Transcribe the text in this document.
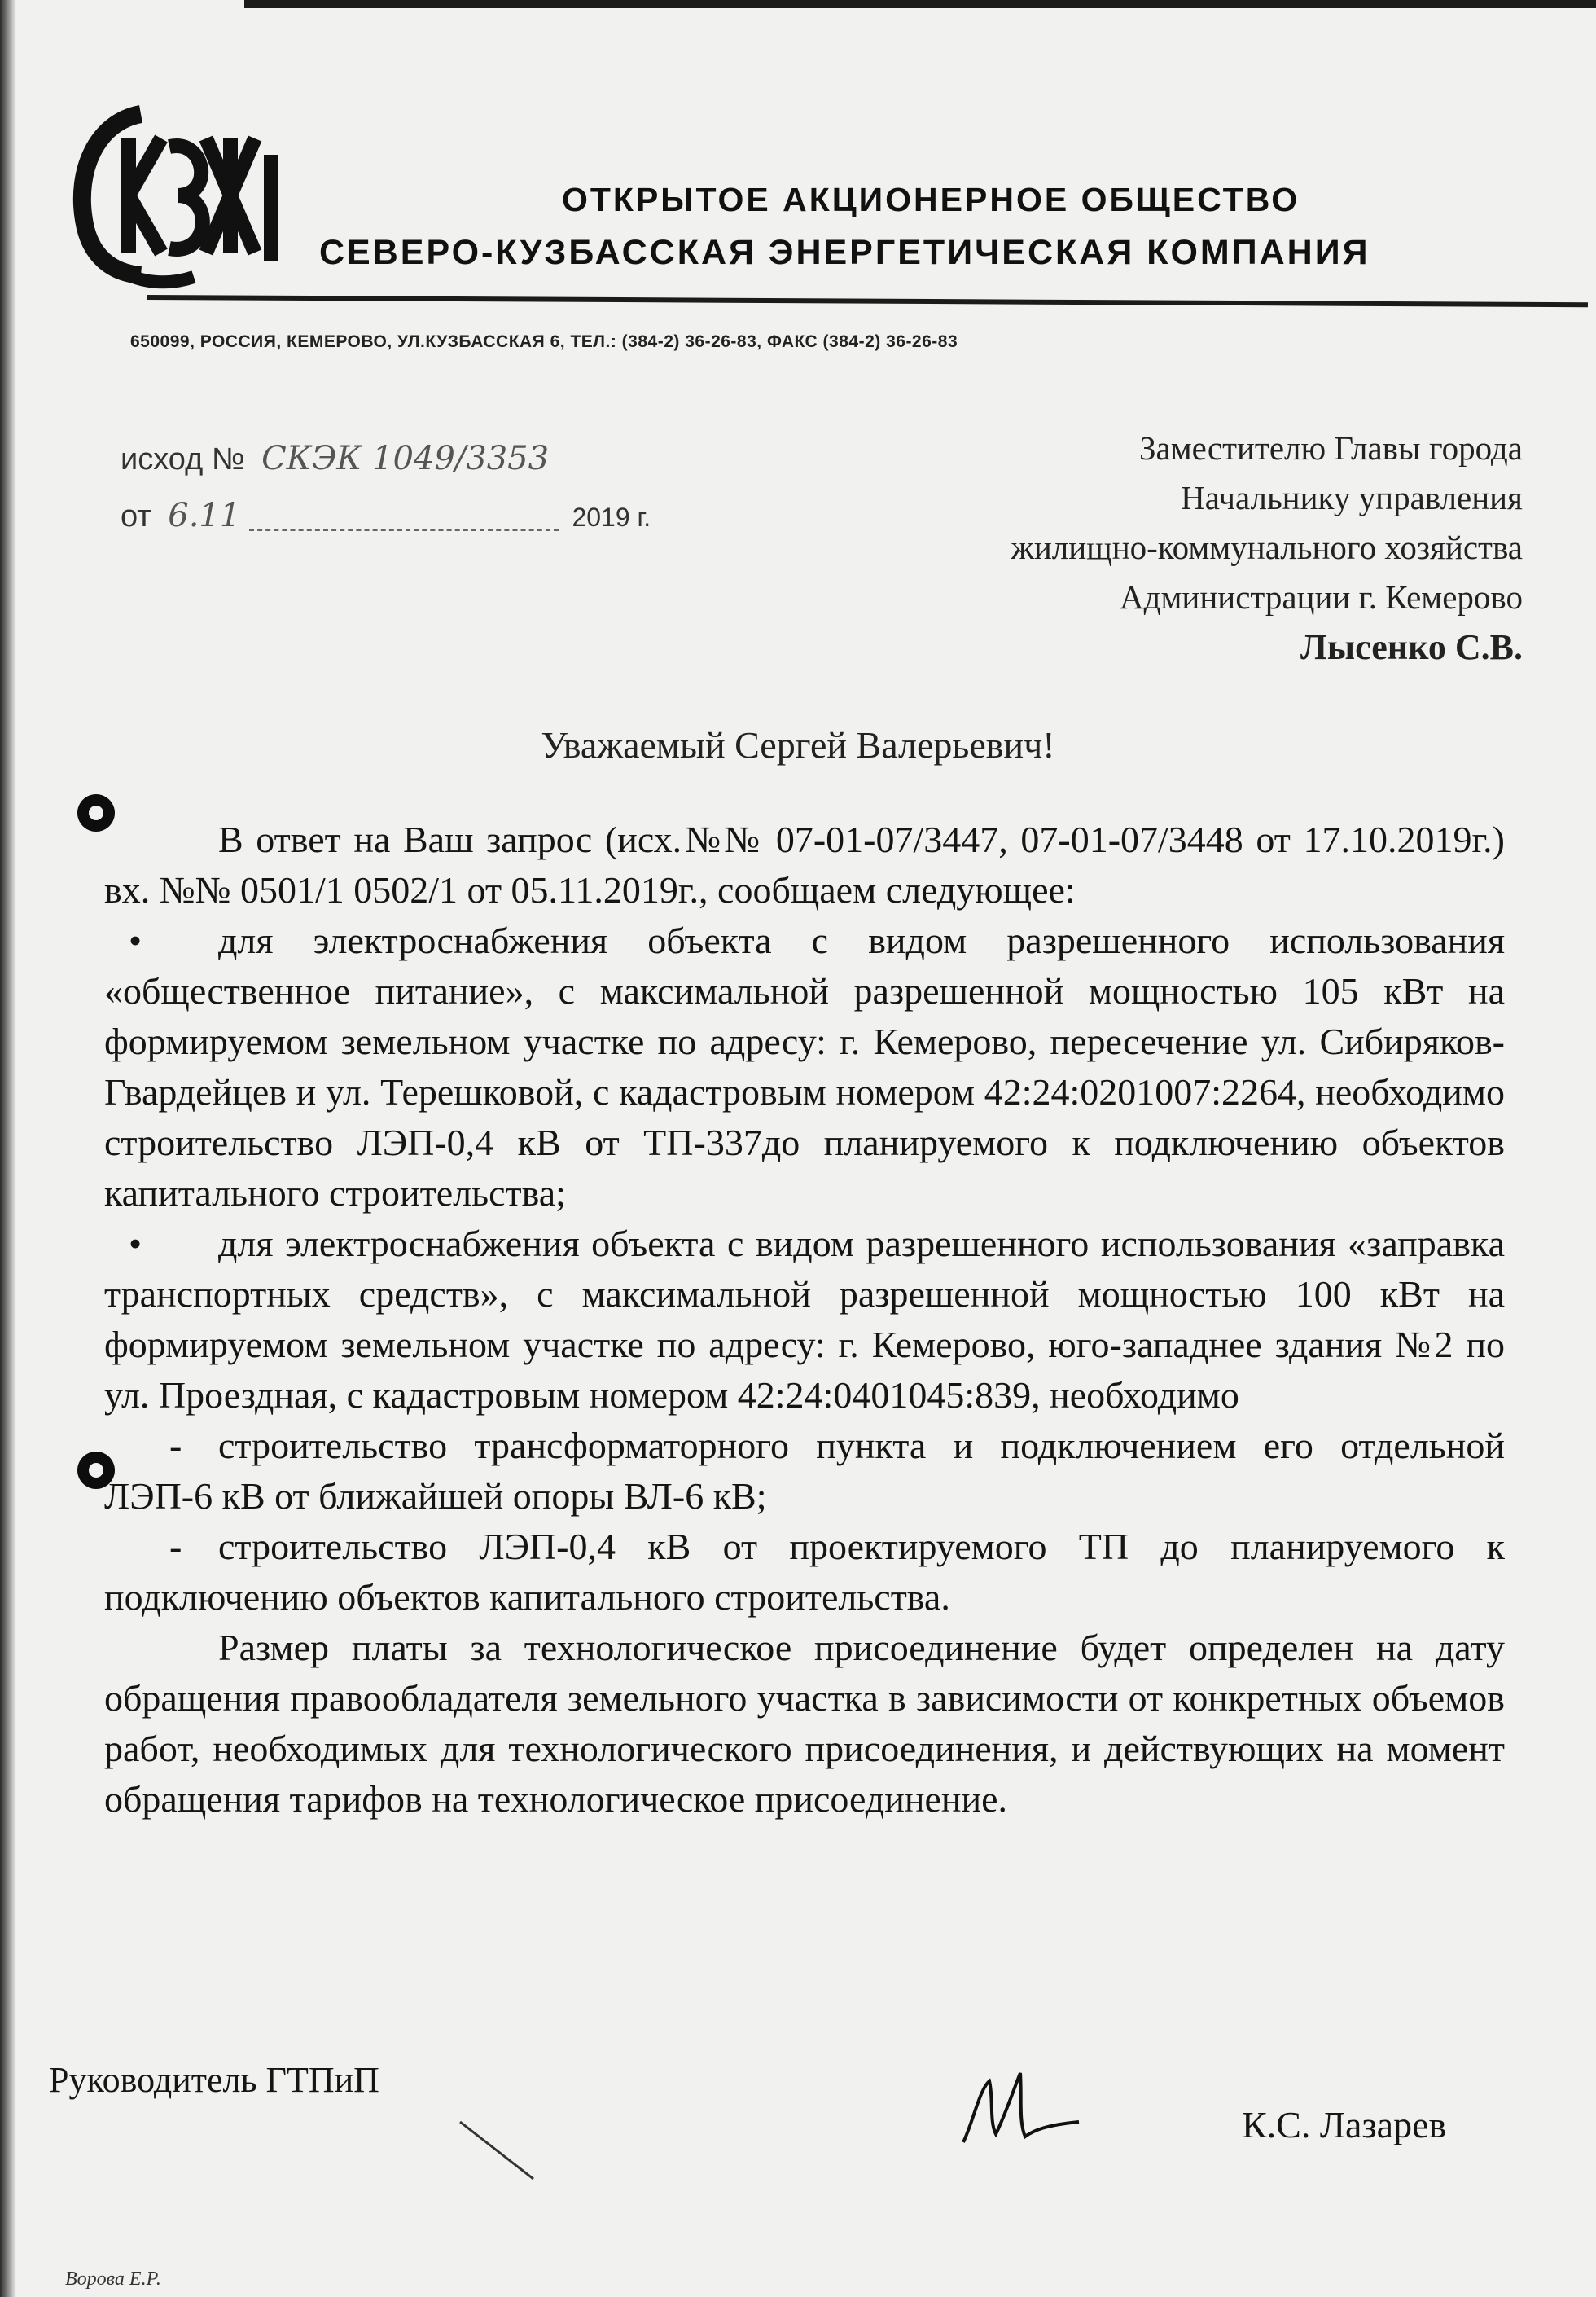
ОТКРЫТОЕ АКЦИОНЕРНОЕ ОБЩЕСТВО
СЕВЕРО-КУЗБАССКАЯ ЭНЕРГЕТИЧЕСКАЯ КОМПАНИЯ
650099, РОССИЯ, КЕМЕРОВО, УЛ.КУЗБАССКАЯ 6, ТЕЛ.: (384-2) 36-26-83, ФАКС (384-2) 36-26-83
исход № СКЭК 1049/3353
от 6.11	2019 г.
Заместителю Главы города
Начальнику управления
жилищно-коммунального хозяйства
Администрации г. Кемерово
Лысенко С.В.
Уважаемый Сергей Валерьевич!

В ответ на Ваш запрос (исх.№№ 07-01-07/3447, 07-01-07/3448 от 17.10.2019г.) вх. №№ 0501/1 0502/1 от 05.11.2019г., сообщаем следующее:

•	для электроснабжения объекта с видом разрешенного использования «общественное питание», с максимальной разрешенной мощностью 105 кВт на формируемом земельном участке по адресу: г. Кемерово, пересечение ул. Сибиряков-Гвардейцев и ул. Терешковой, с кадастровым номером 42:24:0201007:2264, необходимо строительство ЛЭП-0,4 кВ от ТП-337до планируемого к подключению объектов капитального строительства;
•	для электроснабжения объекта с видом разрешенного использования «заправка транспортных средств», с максимальной разрешенной мощностью 100 кВт на формируемом земельном участке по адресу: г. Кемерово, юго-западнее здания №2 по ул. Проездная, с кадастровым номером 42:24:0401045:839, необходимо
- строительство трансформаторного пункта и подключением его отдельной ЛЭП-6 кВ от ближайшей опоры ВЛ-6 кВ;
- строительство ЛЭП-0,4 кВ от проектируемого ТП до планируемого к подключению объектов капитального строительства.

Размер платы за технологическое присоединение будет определен на дату обращения правообладателя земельного участка в зависимости от конкретных объемов работ, необходимых для технологического присоединения, и действующих на момент обращения тарифов на технологическое присоединение.

Руководитель ГТПиП
К.С. Лазарев
Ворова Е.Р.
